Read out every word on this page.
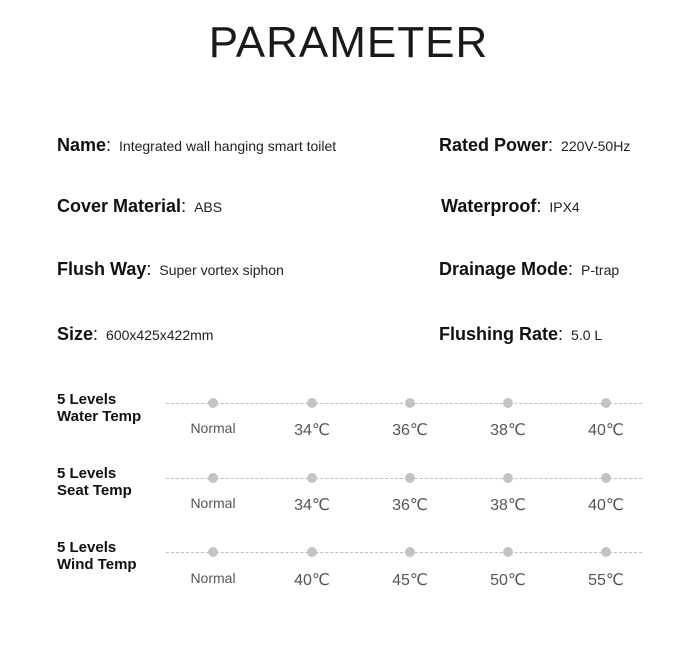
PARAMETER
Name: Integrated wall hanging smart toilet	Rated Power: 220V-50Hz
Cover Material: ABS	Waterproof: IPX4
Flush Way: Super vortex siphon	Drainage Mode: P-trap
Size: 600x425x422mm	Flushing Rate: 5.0 L
5 Levels
Water Temp
Normal	34℃	36℃	38℃	40℃
5 Levels
Seat Temp
Normal	34℃	36℃	38℃	40℃
5 Levels
Wind Temp
Normal	40℃	45℃	50℃	55℃
